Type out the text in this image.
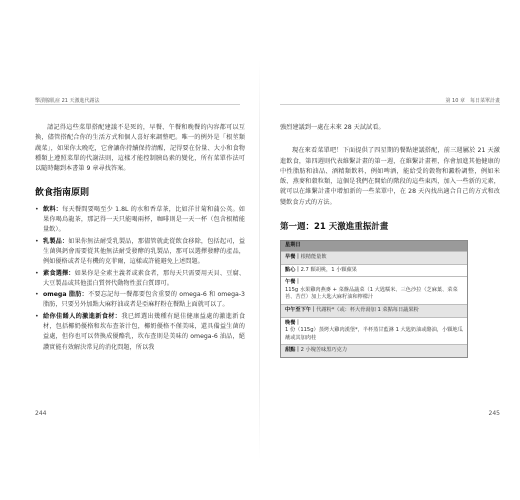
擊潰腺肌症 21 天激進代謝法

請記得這些菜單搭配建議不是死的，早餐、午餐和晚餐的內容都可以互換，儘管搭配合你的生活方式和個人喜好來調整吧。唯一的例外是「根莖類蔬菜」，如果你太晚吃，它會讓你持續保持清醒，記得要在份量、大小和食物種類上遵照菜單的代謝法則，這樣才能控制胰島素的變化，所有菜單作法可以隨時翻到本書第 9 章尋找答案。

飲食指南原則
• 飲料：每天餐間要喝至少 1.8L 的水和香草茶，比如洋甘菊和蒲公英。如果你喝烏龍茶，那記得一天只能喝兩杯，咖啡則是一天一杯（包含根精能量飲）。
• 乳製品：如果你無法耐受乳製品，那儘管就此從飲食移除，包括起司，益生菌與鈣會需要從其他無法耐受發酵的乳製品，那可以選擇發酵的產品，例如優格或者是有機的克菲爾，這樣或許能避免上述問題。
• 素食選擇：如果你是全素主義者或素食者，那每天只需要用天貝、豆腐、大豆製品或其他蛋白質替代動物性蛋白質即可。
• omega 脂肪：不要忘記每一餐都要包含重要的 omega-6 和 omega-3 脂肪，只要另外加點大麻籽油或者是亞麻籽粉在餐點上面就可以了。
• 給你佳餚人的激進新食材：我已經選出幾種有絕佳健康益處的激進新食材，包括椰奶優格和坎布查茶汁包，椰奶優格不僅美味，還具備益生菌的益處，但你也可以替換成優酪乳，坎布查則是美味的 omega-6 油品，絕讚實能有效解決常見的消化問題，所以我
244
第 10 章　每日菜單計畫

強烈建議到一處在未來 28 天試試看。

現在來看菜單吧！下面提供了四星期的餐點建議搭配，前三週屬於 21 天激進飲食，第四週則代表維繫計畫的第一週，在維繫計畫裡，你會加進其他健康的中性脂肪和油品、酒精類飲料，例如啤酒，能給受的穀物和澱粉調整，例如米飯、燕麥和穀粒類，這個是我們在開始的階段的這些東西，加入一些新的元素，就可以在維繫計畫中增加新的一些菜單中，在 28 天內找出適合自己的方式和改變飲食方式的方法。

第一週：21 天激進重振計畫
星期日
早餐｜根精能量飲
點心｜2.7 顆胡桃，1 小顆蘋果
午餐｜
115g 水果雞肉燕麥 + 菜盤品蔬菜（1 大匙糯米、三色沙拉（芝麻葉、菜菜苔、苦苣）加上大匙大麻籽油和檸檬汁
中午至下午｜代謝粉*（或：杯大骨湯加 1 菜點每日蔬果粉
晚餐｜
1 份（115g）蒸烤大雞肉漢堡*，半杯蒸甘藍淋 1 大匙奶油或酪油，小顆地瓜蘸或其加肉桂
甜點｜2 小塊苦味黑巧克力
245
